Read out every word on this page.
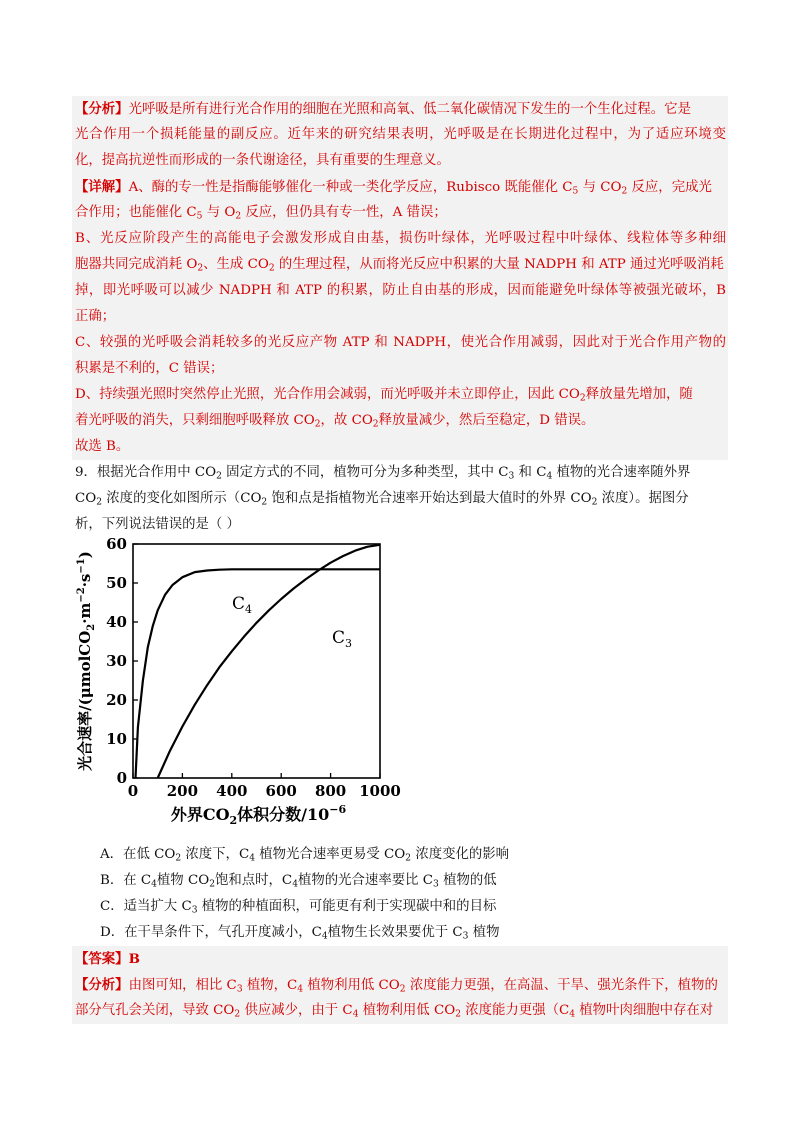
【分析】光呼吸是所有进行光合作用的细胞在光照和高氧、低二氧化碳情况下发生的一个生化过程。它是
光合作用一个损耗能量的副反应。近年来的研究结果表明，光呼吸是在长期进化过程中，为了适应环境变
化，提高抗逆性而形成的一条代谢途径，具有重要的生理意义。
【详解】A、酶的专一性是指酶能够催化一种或一类化学反应，Rubisco 既能催化 $C_5$ 与 $CO_2$ 反应，完成光
合作用；也能催化 $C_5$ 与 $O_2$ 反应，但仍具有专一性，A 错误；
B、光反应阶段产生的高能电子会激发形成自由基，损伤叶绿体，光呼吸过程中叶绿体、线粒体等多种细
胞器共同完成消耗 $O_2$、生成 $CO_2$ 的生理过程，从而将光反应中积累的大量 NADPH 和 ATP 通过光呼吸消耗
掉，即光呼吸可以减少 NADPH 和 ATP 的积累，防止自由基的形成，因而能避免叶绿体等被强光破坏，B
正确；
C、较强的光呼吸会消耗较多的光反应产物 ATP 和 NADPH，使光合作用减弱，因此对于光合作用产物的
积累是不利的，C 错误；
D、持续强光照时突然停止光照，光合作用会减弱，而光呼吸并未立即停止，因此 $CO_2$释放量先增加，随
着光呼吸的消失，只剩细胞呼吸释放 $CO_2$，故 $CO_2$释放量减少，然后至稳定，D 错误。
故选 B。
9．根据光合作用中 $CO_2$ 固定方式的不同，植物可分为多种类型，其中 $C_3$ 和 $C_4$ 植物的光合速率随外界
$CO_2$ 浓度的变化如图所示（$CO_2$ 饱和点是指植物光合速率开始达到最大值时的外界 $CO_2$ 浓度）。据图分
析，下列说法错误的是（ ）
0 200 400 600 800 1000
0
10
20
30
40
50
60
$C_4$
$C_3$
外界$CO_2$体积分数$/10^{-6}$
光合速率$/(\mu molCO_2\cdot m^{-2}\cdot s^{-1})$
A．在低 $CO_2$ 浓度下，$C_4$ 植物光合速率更易受 $CO_2$ 浓度变化的影响
B．在 $C_4$植物 $CO_2$饱和点时，$C_4$植物的光合速率要比 $C_3$ 植物的低
C．适当扩大 $C_3$ 植物的种植面积，可能更有利于实现碳中和的目标
D．在干旱条件下，气孔开度减小，$C_4$植物生长效果要优于 $C_3$ 植物
【答案】B
【分析】由图可知，相比 $C_3$ 植物，$C_4$ 植物利用低 $CO_2$ 浓度能力更强，在高温、干旱、强光条件下，植物的
部分气孔会关闭，导致 $CO_2$ 供应减少，由于 $C_4$ 植物利用低 $CO_2$ 浓度能力更强（$C_4$ 植物叶肉细胞中存在对
